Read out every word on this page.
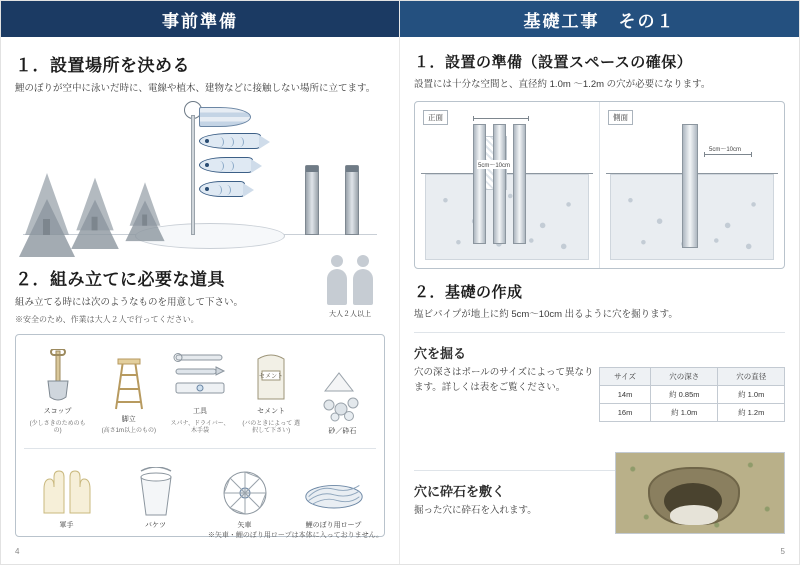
事前準備
１．設置場所を決める
鯉のぼりが空中に泳いだ時に、電線や植木、建物などに接触しない場所に立てます。
２．組み立てに必要な道具
組み立てる時には次のようなものを用意して下さい。
※安全のため、作業は大人２人で行ってください。
大人２人以上
スコップ
(少しさきのためのもの)
脚立
(高さ1m以上のもの)
工具
スパナ、ドライバー、木手袋
セメント
セメント
(バのときによって 選択して下さい)	砂／砕石
軍手	バケツ	矢車	鯉のぼり用ロープ
※矢車・鯉のぼり用ロープは本体に入っておりません。
4
基礎工事　その１
１．設置の準備（設置スペースの確保）
設置には十分な空間と、直径約 1.0m ～1.2m の穴が必要になります。
正面
5cm～10cm
側面
5cm～10cm
２．基礎の作成
塩ビパイプが地上に約 5cm～10cm 出るように穴を掘ります。
穴を掘る
穴の深さはポールのサイズによって異なります。詳しくは表をご覧ください。
サイズ	穴の深さ	穴の直径
14m	約 0.85m	約 1.0m
16m	約 1.0m	約 1.2m
穴に砕石を敷く
掘った穴に砕石を入れます。
5
